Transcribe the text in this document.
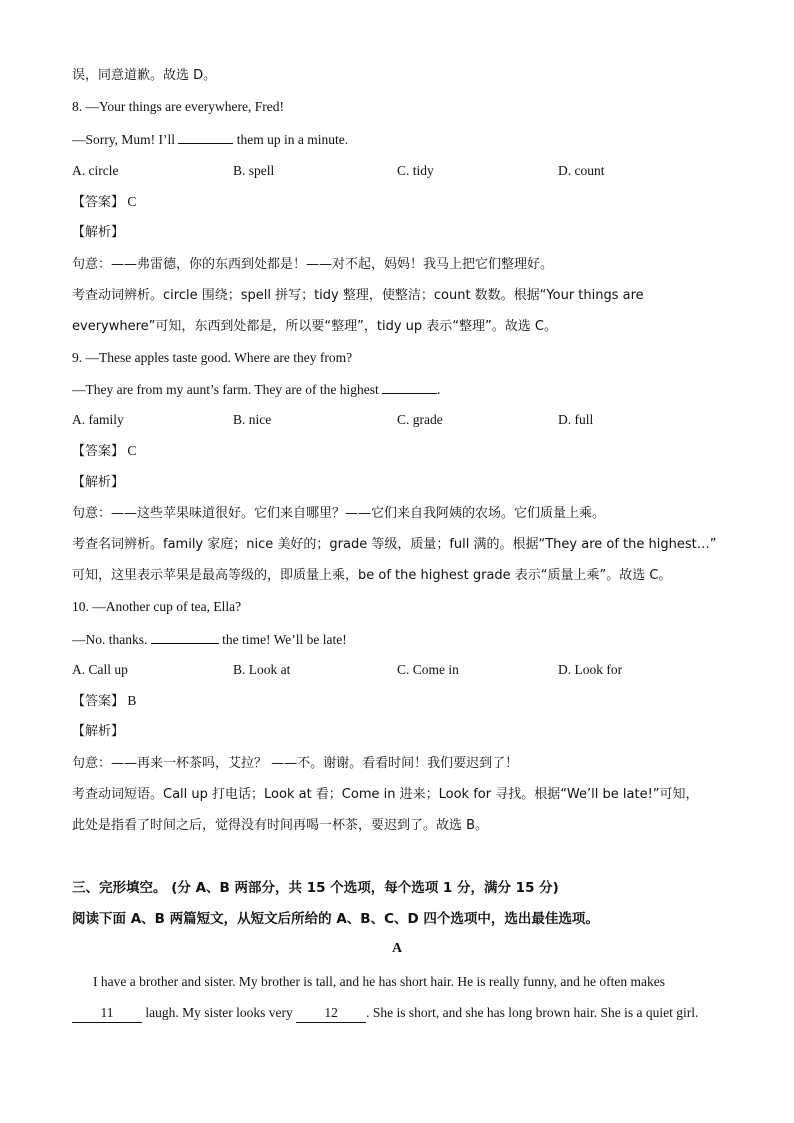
误，同意道歉。故选 D。
8. —Your things are everywhere, Fred!
—Sorry, Mum! I’ll	them up in a minute.
A. circle	B. spell	C. tidy	D. count
【答案】 C
【解析】
句意：——弗雷德，你的东西到处都是！——对不起，妈妈！我马上把它们整理好。
考查动词辨析。circle 围绕；spell 拼写；tidy 整理，使整洁；count 数数。根据“Your things are
everywhere”可知，东西到处都是，所以要“整理”，tidy up 表示“整理”。故选 C。
9. —These apples taste good. Where are they from?
—They are from my aunt’s farm. They are of the highest	.
A. family	B. nice	C. grade	D. full
【答案】 C
【解析】
句意：——这些苹果味道很好。它们来自哪里？——它们来自我阿姨的农场。它们质量上乘。
考查名词辨析。family 家庭；nice 美好的；grade 等级，质量；full 满的。根据“They are of the highest…”
可知，这里表示苹果是最高等级的，即质量上乘，be of the highest grade 表示“质量上乘”。故选 C。
10. —Another cup of tea, Ella?
—No. thanks.	the time! We’ll be late!
A. Call up	B. Look at	C. Come in	D. Look for
【答案】 B
【解析】
句意：——再来一杯茶吗，艾拉？ ——不。谢谢。看看时间！我们要迟到了！
考查动词短语。Call up 打电话；Look at 看；Come in 进来；Look for 寻找。根据“We’ll be late!”可知，
此处是指看了时间之后，觉得没有时间再喝一杯茶，要迟到了。故选 B。
三、完形填空。 (分 A、B 两部分，共 15 个选项，每个选项 1 分，满分 15 分)
阅读下面 A、B 两篇短文，从短文后所给的 A、B、C、D 四个选项中，选出最佳选项。
A
I have a brother and sister. My brother is tall, and he has short hair. He is really funny, and he often makes
11 laugh. My sister looks very 12 . She is short, and she has long brown hair. She is a quiet girl.
